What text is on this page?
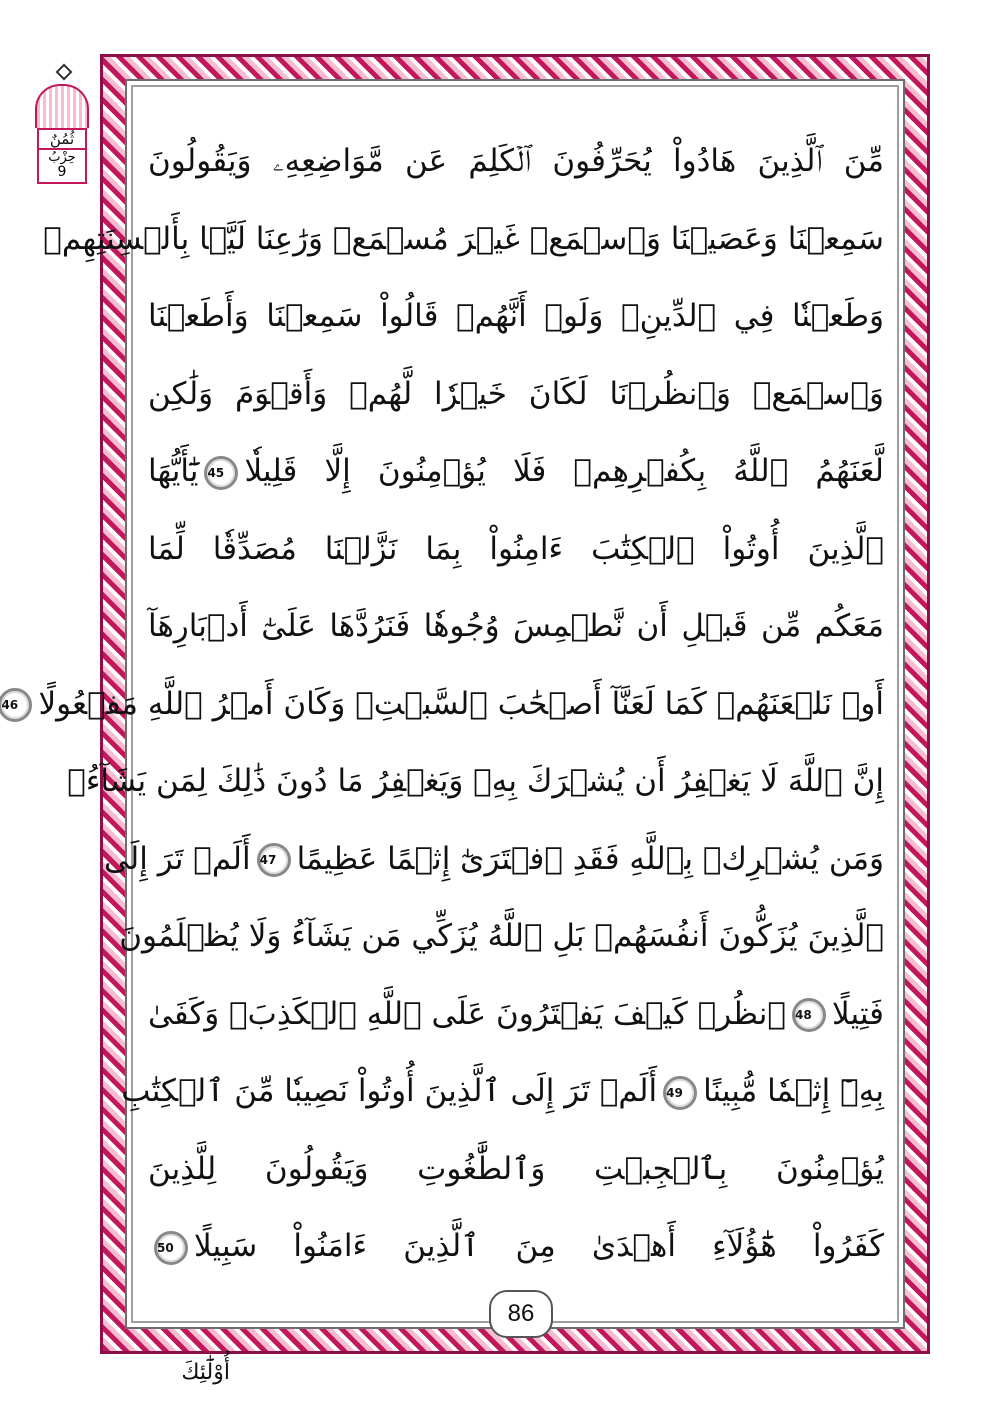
ثُمُنٌ
حِزْبُ
9	مِّنَ ٱلَّذِينَ هَادُواْ يُحَرِّفُونَ ٱلۡكَلِمَ عَن مَّوَاضِعِهِۦ وَيَقُولُونَ
سَمِعۡنَا وَعَصَيۡنَا وَٱسۡمَعۡ غَيۡرَ مُسۡمَعٖ وَرَٰعِنَا لَيَّۢا بِأَلۡسِنَتِهِمۡ
وَطَعۡنٗا فِي ٱلدِّينِۚ وَلَوۡ أَنَّهُمۡ قَالُواْ سَمِعۡنَا وَأَطَعۡنَا
وَٱسۡمَعۡ وَٱنظُرۡنَا لَكَانَ خَيۡرٗا لَّهُمۡ وَأَقۡوَمَ وَلَٰكِن
لَّعَنَهُمُ ٱللَّهُ بِكُفۡرِهِمۡ فَلَا يُؤۡمِنُونَ إِلَّا قَلِيلٗا45يَٰٓأَيُّهَا
ٱلَّذِينَ أُوتُواْ ٱلۡكِتَٰبَ ءَامِنُواْ بِمَا نَزَّلۡنَا مُصَدِّقٗا لِّمَا
مَعَكُم مِّن قَبۡلِ أَن نَّطۡمِسَ وُجُوهٗا فَنَرُدَّهَا عَلَىٰٓ أَدۡبَارِهَآ
أَوۡ نَلۡعَنَهُمۡ كَمَا لَعَنَّآ أَصۡحَٰبَ ٱلسَّبۡتِۚ وَكَانَ أَمۡرُ ٱللَّهِ مَفۡعُولًا46
إِنَّ ٱللَّهَ لَا يَغۡفِرُ أَن يُشۡرَكَ بِهِۦ وَيَغۡفِرُ مَا دُونَ ذَٰلِكَ لِمَن يَشَآءُۚ
وَمَن يُشۡرِكۡ بِٱللَّهِ فَقَدِ ٱفۡتَرَىٰٓ إِثۡمًا عَظِيمًا47أَلَمۡ تَرَ إِلَى
ٱلَّذِينَ يُزَكُّونَ أَنفُسَهُمۚ بَلِ ٱللَّهُ يُزَكِّي مَن يَشَآءُ وَلَا يُظۡلَمُونَ
فَتِيلًا48ٱنظُرۡ كَيۡفَ يَفۡتَرُونَ عَلَى ٱللَّهِ ٱلۡكَذِبَۖ وَكَفَىٰ
بِهِۦٓ إِثۡمٗا مُّبِينًا49أَلَمۡ تَرَ إِلَى ٱلَّذِينَ أُوتُواْ نَصِيبٗا مِّنَ ٱلۡكِتَٰبِ
يُؤۡمِنُونَ بِٱلۡجِبۡتِ وَٱلطَّٰغُوتِ وَيَقُولُونَ لِلَّذِينَ
كَفَرُواْ هَٰٓؤُلَآءِ أَهۡدَىٰ مِنَ ٱلَّذِينَ ءَامَنُواْ سَبِيلًا50
86
أُوْلَٰٓئِكَ
